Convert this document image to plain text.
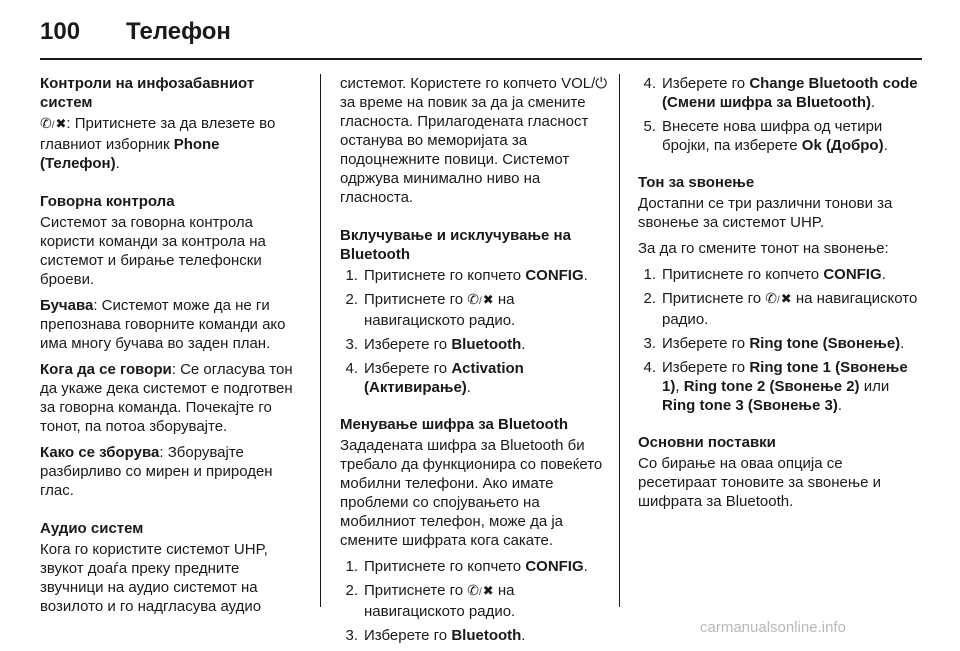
100 Телефон
Контроли на инфозабавниот систем

✆/✖: Притиснете за да влезете во главниот изборник Phone (Телефон).

Говорна контрола

Системот за говорна контрола користи команди за контрола на системот и бирање телефонски броеви.

Бучава: Системот може да не ги препознава говорните команди ако има многу бучава во заден план.

Кога да се говори: Се огласува тон да укаже дека системот е подготвен за говорна команда. Почекајте го тонот, па потоа зборувајте.

Како се зборува: Зборувајте разбирливо со мирен и природен глас.

Аудио систем

Кога го користите системот UHP, звукот доаѓа преку предните звучници на аудио системот на возилото и го надгласува аудио

системот. Користете го копчето VOL/⏻ за време на повик за да ја смените гласноста. Прилагодената гласност останува во меморијата за подоцнежните повици. Системот одржува минимално ниво на гласноста.

Вклучување и исклучување на Bluetooth
1. Притиснете го копчето CONFIG.
2. Притиснете го ✆/✖ на навигациското радио.
3. Изберете го Bluetooth.
4. Изберете го Activation (Активирање).
Менување шифра за Bluetooth

Зададената шифра за Bluetooth би требало да функционира со повеќето мобилни телефони. Ако имате проблеми со спојувањето на мобилниот телефон, може да ја смените шифрата кога сакате.

1. Притиснете го копчето CONFIG.
2. Притиснете го ✆/✖ на навигациското радио.
3. Изберете го Bluetooth.
4. Изберете го Change Bluetooth code (Смени шифра за Bluetooth).
5. Внесете нова шифра од четири бројки, па изберете Ok (Добро).
Тон за ѕвонење

Достапни се три различни тонови за ѕвонење за системот UHP.

За да го смените тонот на ѕвонење:

1. Притиснете го копчето CONFIG.
2. Притиснете го ✆/✖ на навигациското радио.
3. Изберете го Ring tone (Ѕвонење).
4. Изберете го Ring tone 1 (Ѕвонење 1), Ring tone 2 (Ѕвонење 2) или Ring tone 3 (Ѕвонење 3).
Основни поставки

Со бирање на оваа опција се ресетираат тоновите за ѕвонење и шифрата за Bluetooth.

carmanualsonline.info
